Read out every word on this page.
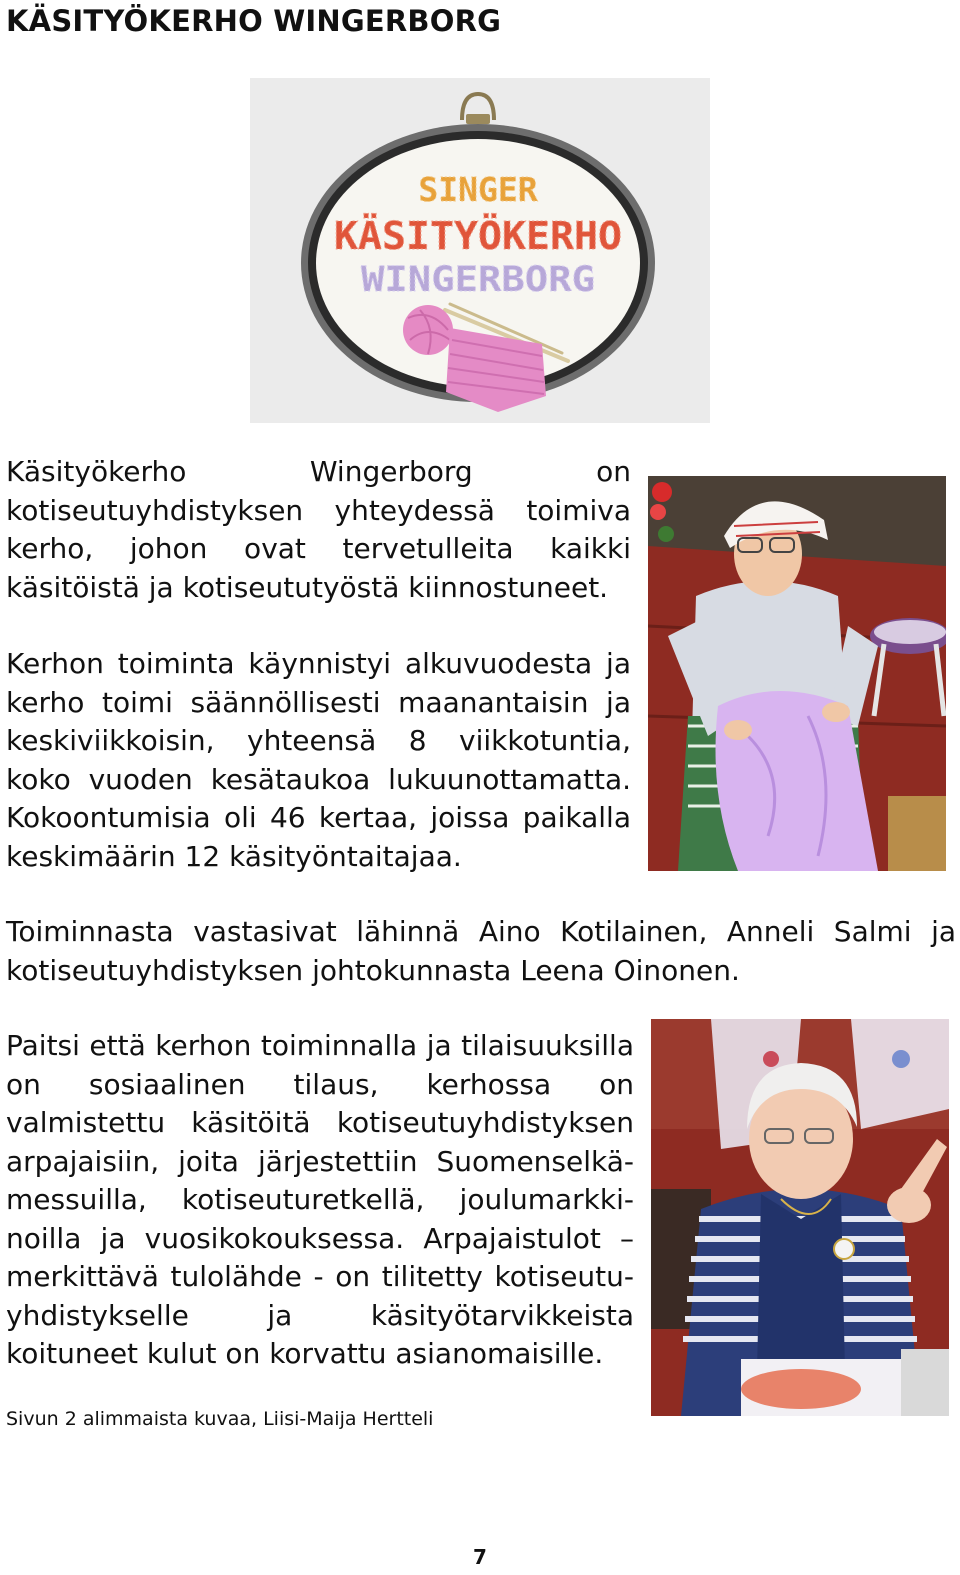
KÄSITYÖKERHO WINGERBORG
SINGER
KÄSITYÖKERHO
WINGERBORG

Käsityökerho Wingerborg on kotiseutuyhdistyksen yhteydessä toimiva kerho, johon ovat tervetulleita kaikki käsitöistä ja kotiseututyöstä kiinnostuneet.

Kerhon toiminta käynnistyi alkuvuodesta ja kerho toimi säännöllisesti maanantaisin ja keskiviikkoisin, yhteensä 8 viikkotuntia, koko vuoden kesätaukoa lukuunottamatta. Kokoontumisia oli 46 kertaa, joissa paikalla keskimäärin 12 käsityöntaitajaa.

Toiminnasta vastasivat lähinnä Aino Kotilainen, Anneli Salmi ja kotiseutuyhdistyksen johtokunnasta Leena Oinonen.

Paitsi että kerhon toiminnalla ja tilaisuuksilla on sosiaalinen tilaus, kerhossa on valmistettu käsitöitä kotiseutuyhdistyksen arpajaisiin, joita järjestettiin Suomenselkä-messuilla, kotiseuturetkellä, joulumarkki-noilla ja vuosikokouksessa. Arpajaistulot – merkittävä tulolähde - on tilitetty kotiseutu-yhdistykselle ja käsityötarvikkeista koituneet kulut on korvattu asianomaisille.

Sivun 2 alimmaista kuvaa, Liisi-Maija Hertteli

7
